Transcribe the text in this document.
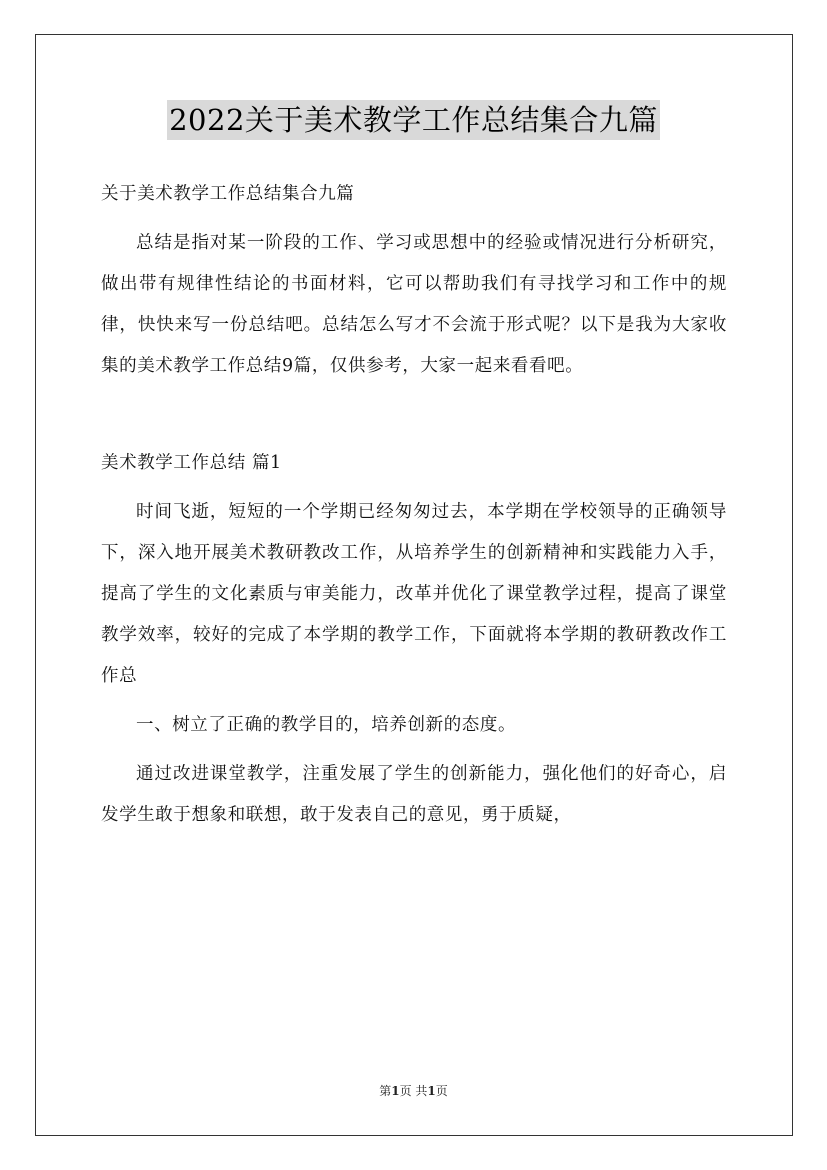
2022关于美术教学工作总结集合九篇

关于美术教学工作总结集合九篇

总结是指对某一阶段的工作、学习或思想中的经验或情况进行分析研究，做出带有规律性结论的书面材料，它可以帮助我们有寻找学习和工作中的规律，快快来写一份总结吧。总结怎么写才不会流于形式呢？以下是我为大家收集的美术教学工作总结9篇，仅供参考，大家一起来看看吧。

美术教学工作总结 篇1

时间飞逝，短短的一个学期已经匆匆过去，本学期在学校领导的正确领导下，深入地开展美术教研教改工作，从培养学生的创新精神和实践能力入手，提高了学生的文化素质与审美能力，改革并优化了课堂教学过程，提高了课堂教学效率，较好的完成了本学期的教学工作，下面就将本学期的教研教改作工作总

一、树立了正确的教学目的，培养创新的态度。

通过改进课堂教学，注重发展了学生的创新能力，强化他们的好奇心，启发学生敢于想象和联想，敢于发表自己的意见，勇于质疑，

第1页 共1页
